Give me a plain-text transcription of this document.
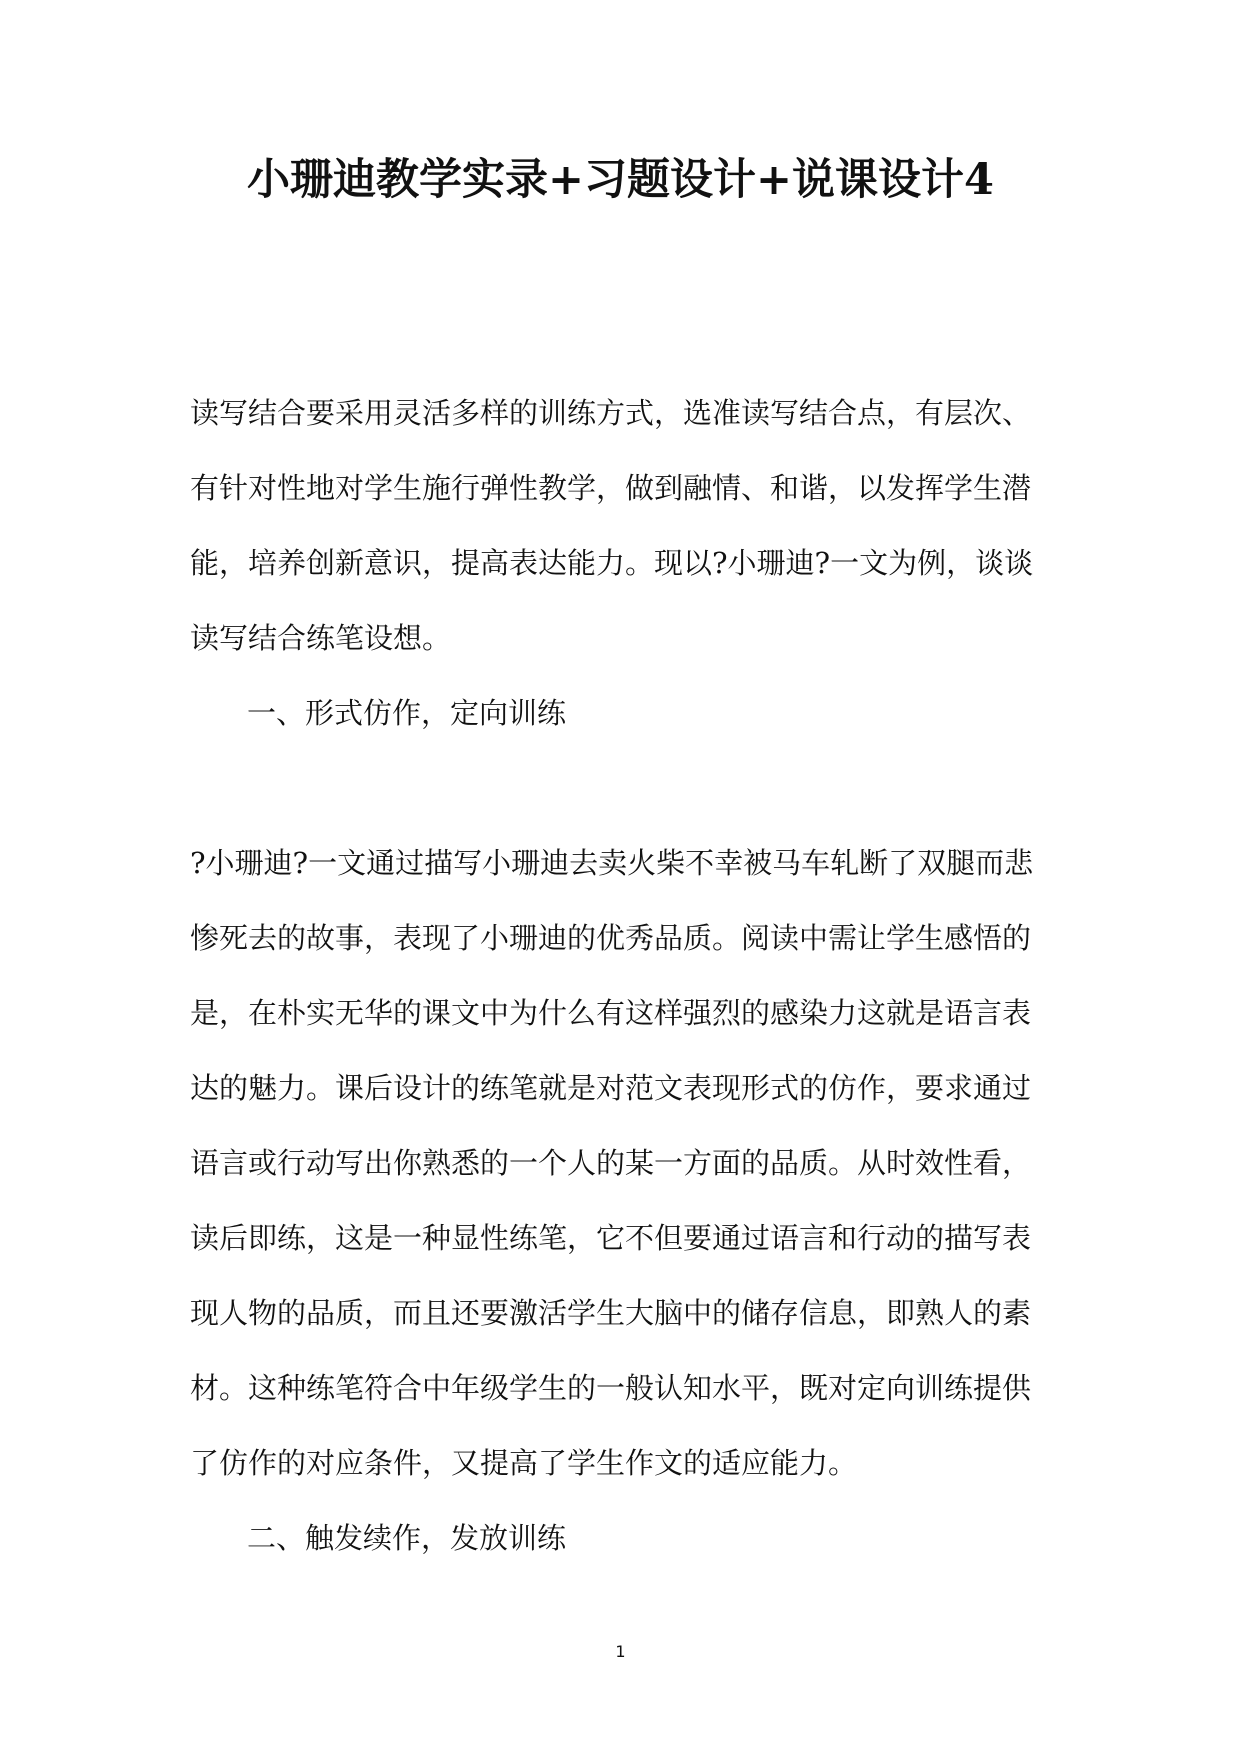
小珊迪教学实录+习题设计+说课设计4
读写结合要采用灵活多样的训练方式，选准读写结合点，有层次、
有针对性地对学生施行弹性教学，做到融情、和谐，以发挥学生潜
能，培养创新意识，提高表达能力。现以?小珊迪?一文为例，谈谈
读写结合练笔设想。
一、形式仿作，定向训练
?小珊迪?一文通过描写小珊迪去卖火柴不幸被马车轧断了双腿而悲
惨死去的故事，表现了小珊迪的优秀品质。阅读中需让学生感悟的
是，在朴实无华的课文中为什么有这样强烈的感染力这就是语言表
达的魅力。课后设计的练笔就是对范文表现形式的仿作，要求通过
语言或行动写出你熟悉的一个人的某一方面的品质。从时效性看，
读后即练，这是一种显性练笔，它不但要通过语言和行动的描写表
现人物的品质，而且还要激活学生大脑中的储存信息，即熟人的素
材。这种练笔符合中年级学生的一般认知水平，既对定向训练提供
了仿作的对应条件，又提高了学生作文的适应能力。
二、触发续作，发放训练
1
